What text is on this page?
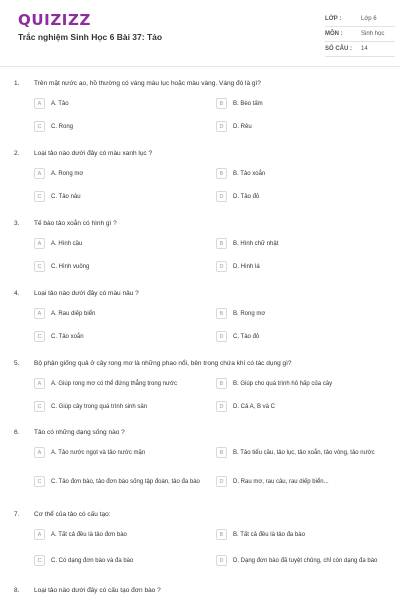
QUIZIZZ
Trắc nghiệm Sinh Học 6 Bài 37: Tảo
LỚP :	Lớp 6
MÔN :	Sinh học
SỐ CÂU : 14
1. Trên mặt nước ao, hồ thường có váng màu lục hoặc màu vàng. Váng đó là gì?
A	A. Tảo	B	B. Bèo tấm
C	C. Rong	D	D. Rêu
2. Loại tảo nào dưới đây có màu xanh lục ?
A	A. Rong mơ	B	B. Tảo xoắn
C	C. Tảo nâu	D	D. Tảo đỏ
3. Tế bào tảo xoắn có hình gì ?
A	A. Hình cầu	B	B. Hình chữ nhật
C	C. Hình vuông	D	D. Hình lá
4. Loại tảo nào dưới đây có màu nâu ?
A	A. Rau diếp biển	B	B. Rong mơ
C	C. Tảo xoắn	D	C. Tảo đỏ
5. Bộ phận giống quả ở cây rong mơ là những phao nổi, bên trong chứa khí có tác dụng gì?
A	A. Giúp rong mơ có thể đứng thẳng trong nước	B	B. Giúp cho quá trình hô hấp của cây
C	C. Giúp cây trong quá trình sinh sản	D	D. Cả A, B và C
6. Tảo có những dạng sống nào ?
A	A. Tảo nước ngọt và tảo nước mặn	B	B. Tảo tiểu cầu, tảo lục, tảo xoắn, tảo vòng, tảo nước
C	C. Tảo đơn bào, tảo đơn bào sống tập đoàn, tảo đa bào	D	D. Rau mơ, rau câu, rau diếp biển...
7. Cơ thể của tảo có cấu tạo:
A	A. Tất cả đều là tảo đơn bào	B	B. Tất cả đều là tảo đa bào
C	C. Có dạng đơn bào và đa bào	D	D. Dạng đơn bào đã tuyệt chủng, chỉ còn dạng đa bào
8. Loại tảo nào dưới đây có cấu tạo đơn bào ?
